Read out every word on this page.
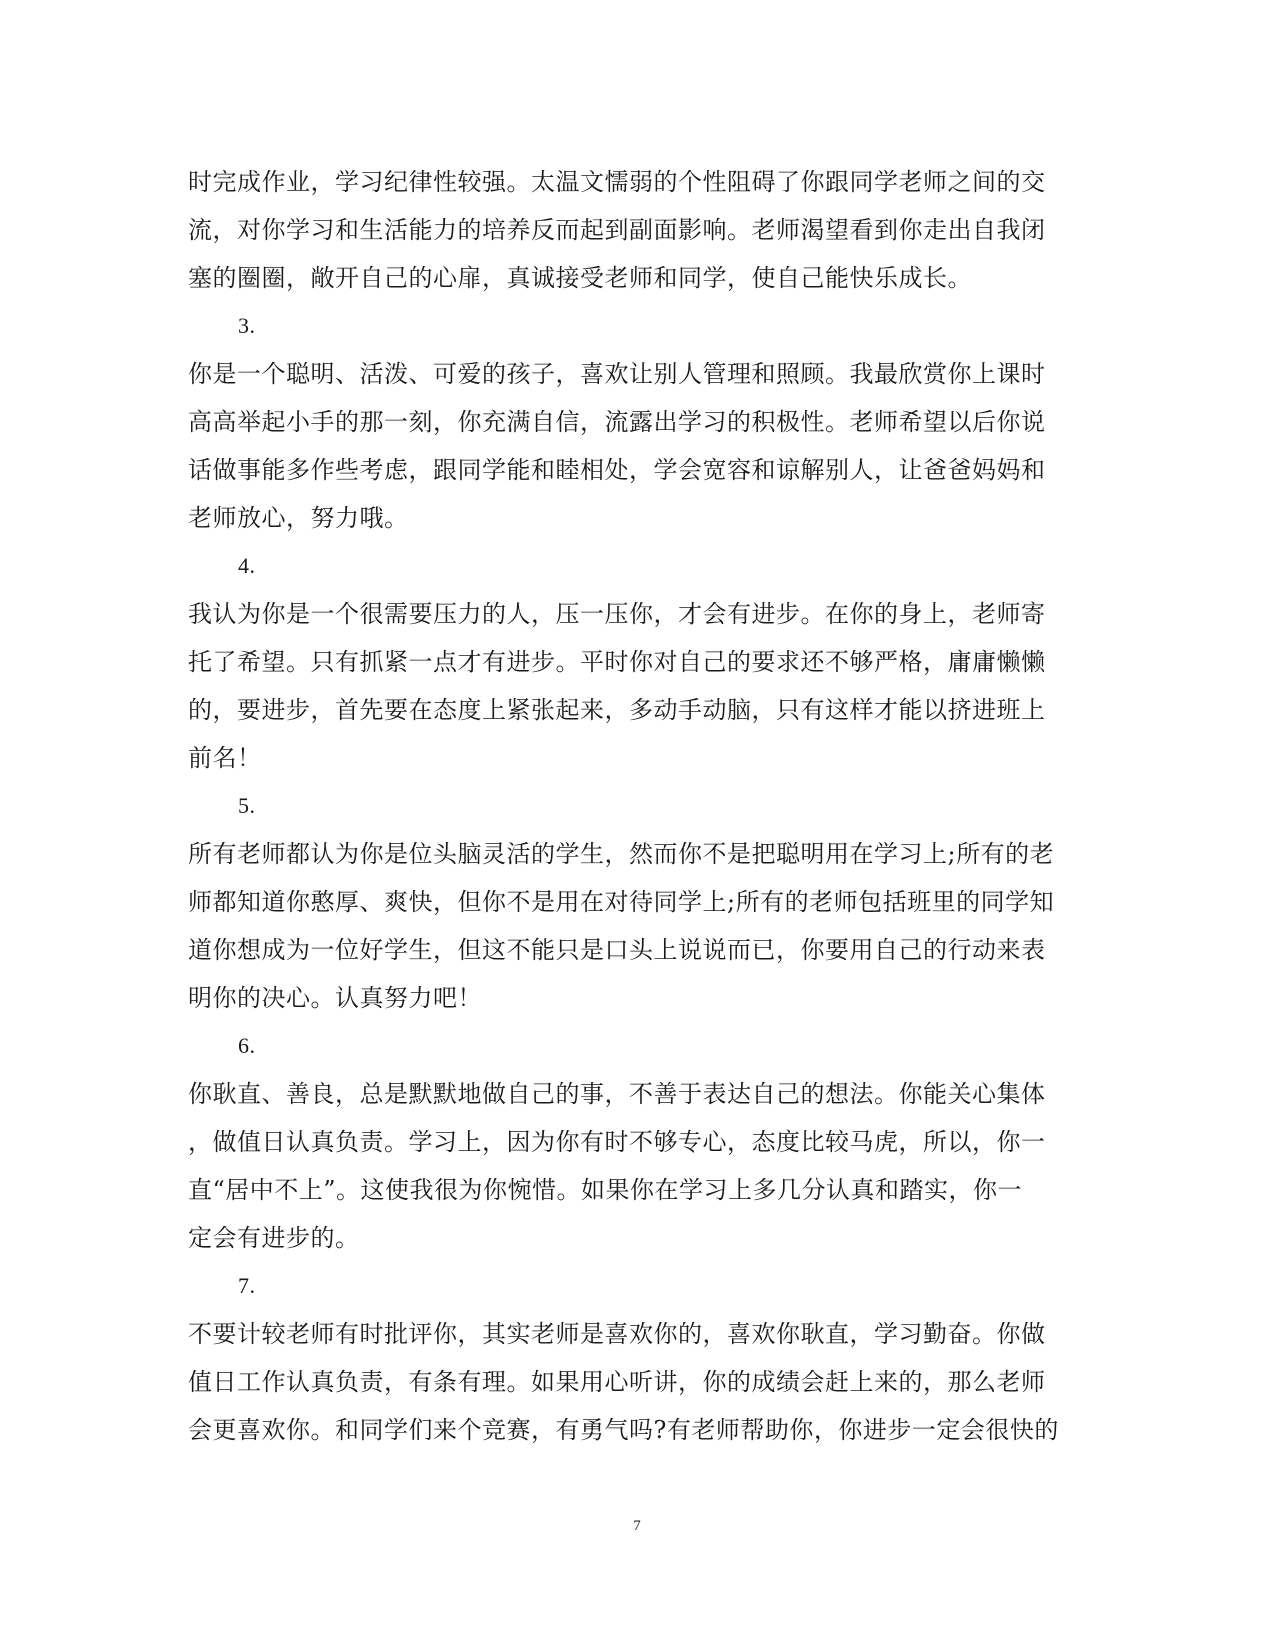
时完成作业，学习纪律性较强。太温文懦弱的个性阻碍了你跟同学老师之间的交
流，对你学习和生活能力的培养反而起到副面影响。老师渴望看到你走出自我闭
塞的圈圈，敞开自己的心扉，真诚接受老师和同学，使自己能快乐成长。
3.
你是一个聪明、活泼、可爱的孩子，喜欢让别人管理和照顾。我最欣赏你上课时
高高举起小手的那一刻，你充满自信，流露出学习的积极性。老师希望以后你说
话做事能多作些考虑，跟同学能和睦相处，学会宽容和谅解别人，让爸爸妈妈和
老师放心，努力哦。
4.
我认为你是一个很需要压力的人，压一压你，才会有进步。在你的身上，老师寄
托了希望。只有抓紧一点才有进步。平时你对自己的要求还不够严格，庸庸懒懒
的，要进步，首先要在态度上紧张起来，多动手动脑，只有这样才能以挤进班上
前名！
5.
所有老师都认为你是位头脑灵活的学生，然而你不是把聪明用在学习上;所有的老
师都知道你憨厚、爽快，但你不是用在对待同学上;所有的老师包括班里的同学知
道你想成为一位好学生，但这不能只是口头上说说而已，你要用自己的行动来表
明你的决心。认真努力吧！
6.
你耿直、善良，总是默默地做自己的事，不善于表达自己的想法。你能关心集体
，做值日认真负责。学习上，因为你有时不够专心，态度比较马虎，所以，你一
直“居中不上”。这使我很为你惋惜。如果你在学习上多几分认真和踏实，你一
定会有进步的。
7.
不要计较老师有时批评你，其实老师是喜欢你的，喜欢你耿直，学习勤奋。你做
值日工作认真负责，有条有理。如果用心听讲，你的成绩会赶上来的，那么老师
会更喜欢你。和同学们来个竞赛，有勇气吗?有老师帮助你，你进步一定会很快的
7
